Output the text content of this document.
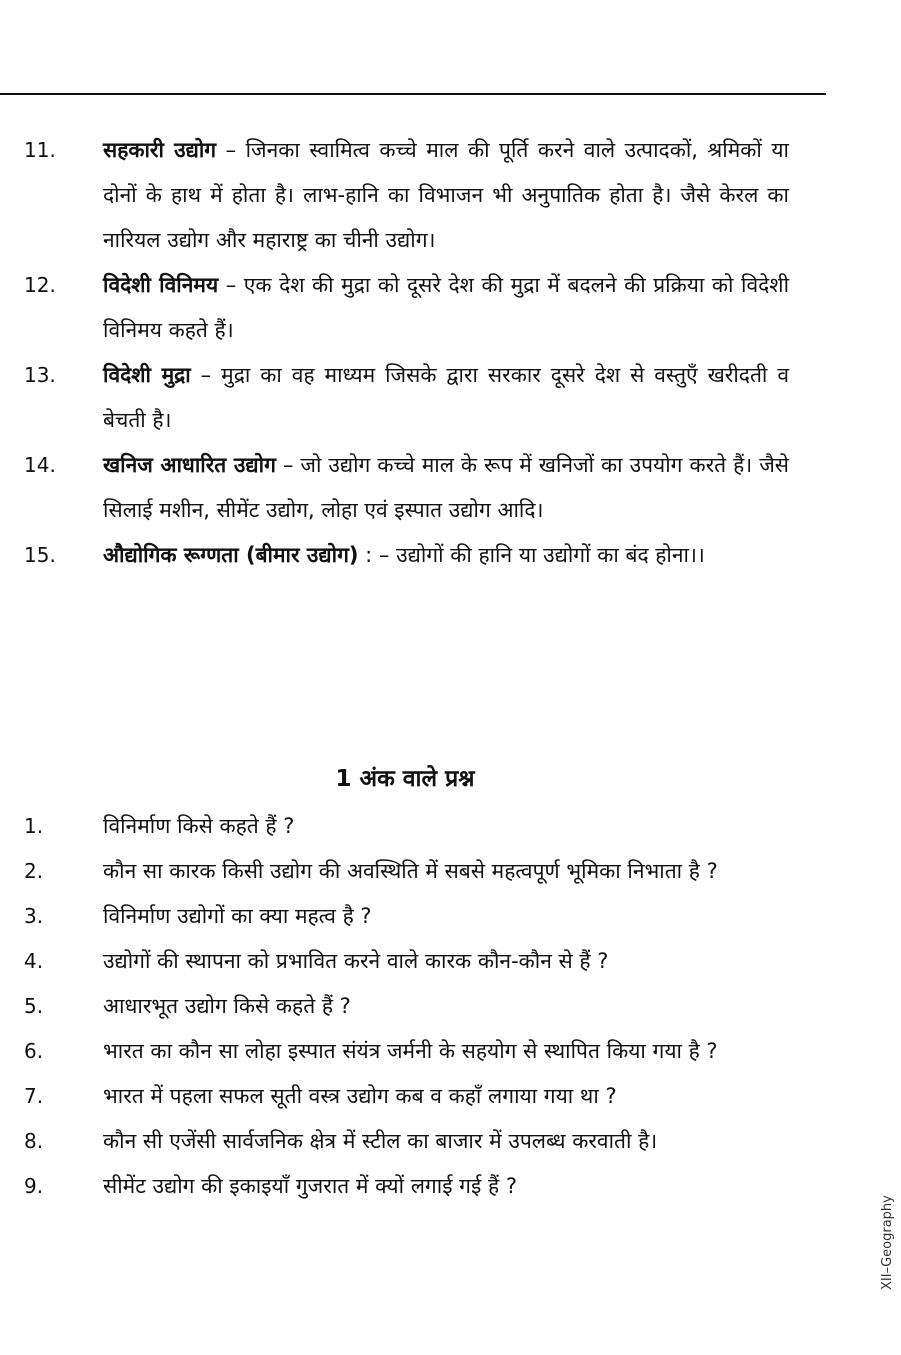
11. सहकारी उद्योग – जिनका स्वामित्व कच्चे माल की पूर्ति करने वाले उत्पादकों, श्रमिकों या दोनों के हाथ में होता है। लाभ-हानि का विभाजन भी अनुपातिक होता है। जैसे केरल का नारियल उद्योग और महाराष्ट्र का चीनी उद्योग।
12. विदेशी विनिमय – एक देश की मुद्रा को दूसरे देश की मुद्रा में बदलने की प्रक्रिया को विदेशी विनिमय कहते हैं।
13. विदेशी मुद्रा – मुद्रा का वह माध्यम जिसके द्वारा सरकार दूसरे देश से वस्तुएँ खरीदती व बेचती है।
14. खनिज आधारित उद्योग – जो उद्योग कच्चे माल के रूप में खनिजों का उपयोग करते हैं। जैसे सिलाई मशीन, सीमेंट उद्योग, लोहा एवं इस्पात उद्योग आदि।
15. औद्योगिक रूग्णता (बीमार उद्योग) : – उद्योगों की हानि या उद्योगों का बंद होना।।
1 अंक वाले प्रश्न
1.	विनिर्माण किसे कहते हैं ?
2.	कौन सा कारक किसी उद्योग की अवस्थिति में सबसे महत्वपूर्ण भूमिका निभाता है ?
3.	विनिर्माण उद्योगों का क्या महत्व है ?
4.	उद्योगों की स्थापना को प्रभावित करने वाले कारक कौन-कौन से हैं ?
5.	आधारभूत उद्योग किसे कहते हैं ?
6.	भारत का कौन सा लोहा इस्पात संयंत्र जर्मनी के सहयोग से स्थापित किया गया है ?
7.	भारत में पहला सफल सूती वस्त्र उद्योग कब व कहाँ लगाया गया था ?
8.	कौन सी एजेंसी सार्वजनिक क्षेत्र में स्टील का बाजार में उपलब्ध करवाती है।
9.	सीमेंट उद्योग की इकाइयाँ गुजरात में क्यों लगाई गई हैं ?
XII–Geography
